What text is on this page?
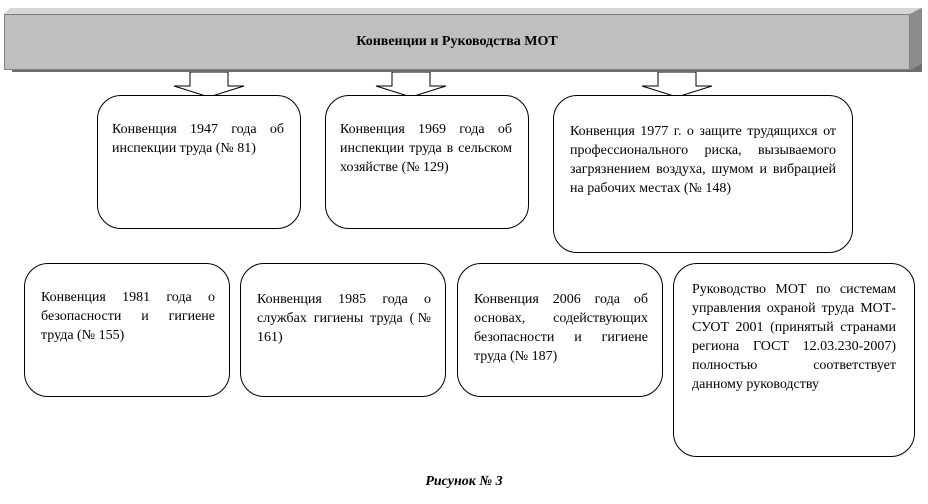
Конвенции и Руководства МОТ
Конвенция 1947 года об инспекции труда (№ 81)
Конвенция 1969 года об инспекции труда в сельском хозяйстве (№ 129)
Конвенция 1977 г. о защите трудящихся от профессионального риска, вызываемого загрязнением воздуха, шумом и вибрацией на рабочих местах (№ 148)
Конвенция 1981 года о безопасности и гигиене труда (№ 155)
Конвенция 1985 года о службах гигиены труда (№ 161)
Конвенция 2006 года об основах, содействующих безопасности и гигиене труда (№ 187)
Руководство МОТ по системам управления охраной труда МОТ-СУОТ 2001 (принятый странами региона ГОСТ 12.03.230-2007) полностью соответствует данному руководству
Рисунок № 3
